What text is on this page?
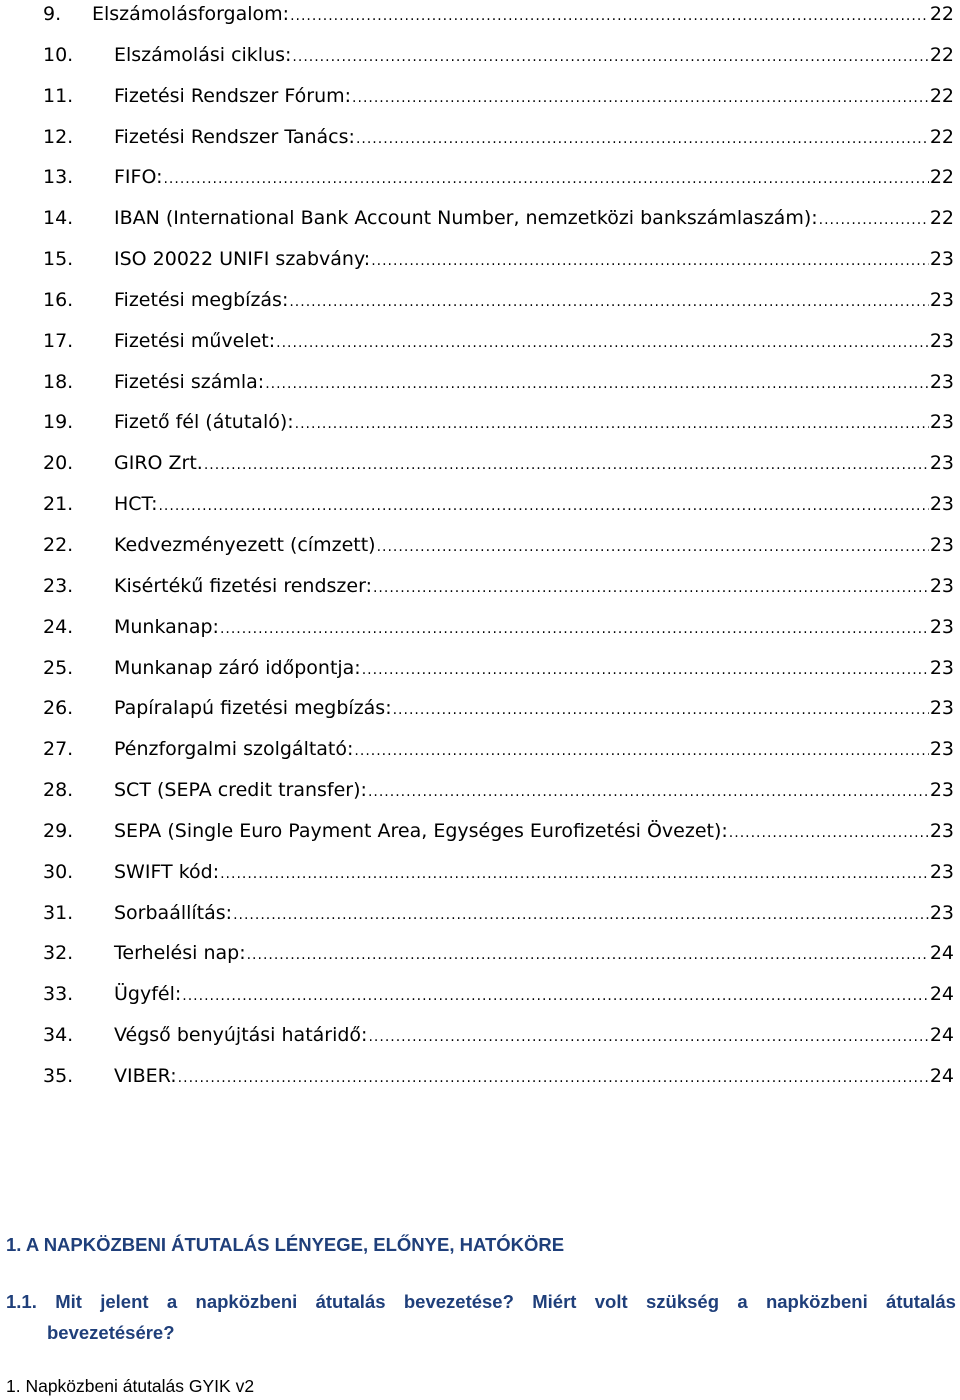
9.	Elszámolásforgalom: .....	22
10.	Elszámolási ciklus: .....	22
11.	Fizetési Rendszer Fórum: .....	22
12.	Fizetési Rendszer Tanács: .....	22
13.	FIFO: .....	22
14.	IBAN (International Bank Account Number, nemzetközi bankszámlaszám): .....	22
15.	ISO 20022 UNIFI szabvány: .....	23
16.	Fizetési megbízás: .....	23
17.	Fizetési művelet: .....	23
18.	Fizetési számla: .....	23
19.	Fizető fél (átutaló): .....	23
20.	GIRO Zrt. .....	23
21.	HCT: .....	23
22.	Kedvezményezett (címzett) .....	23
23.	Kisértékű fizetési rendszer: .....	23
24.	Munkanap: .....	23
25.	Munkanap záró időpontja: .....	23
26.	Papíralapú fizetési megbízás: .....	23
27.	Pénzforgalmi szolgáltató: .....	23
28.	SCT (SEPA credit transfer): .....	23
29.	SEPA (Single Euro Payment Area, Egységes Eurofizetési Övezet): .....	23
30.	SWIFT kód: .....	23
31.	Sorbaállítás: .....	23
32.	Terhelési nap: .....	24
33.	Ügyfél: .....	24
34.	Végső benyújtási határidő: .....	24
35.	VIBER: .....	24
1. A NAPKÖZBENI ÁTUTALÁS LÉNYEGE, ELŐNYE, HATÓKÖRE
1.1. Mit jelent a napközbeni átutalás bevezetése? Miért volt szükség a napközbeni átutalás
bevezetésére?
1. Napközbeni átutalás GYIK v2
